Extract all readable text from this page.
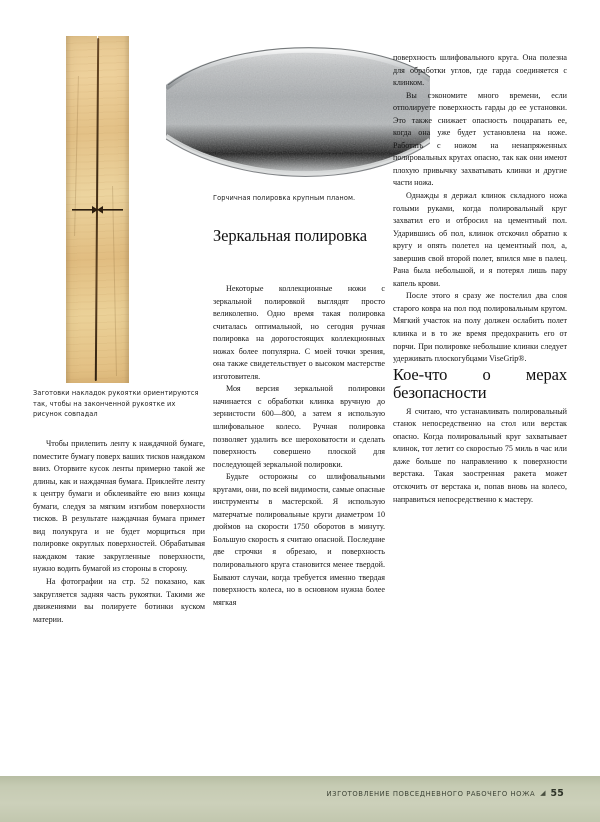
Заготовки накладок рукоятки ориентируются так, чтобы на законченной рукоятке их рисунок совпадал
Горчичная полировка крупным планом.
Зеркальная полировка

Чтобы прилепить ленту к наждачной бумаге, поместите бумагу поверх ваших тисков наждаком вниз. Оторвите кусок ленты примерно такой же длины, как и наждачная бумага. Приклейте ленту к центру бумаги и обклеивайте ею вниз концы бумаги, следуя за мягким изгибом поверхности тисков. В результате наждачная бумага примет вид полукруга и не будет морщиться при полировке округлых поверхностей. Обрабатывая наждаком такие закругленные поверхности, нужно водить бумагой из стороны в сторону.

На фотографии на стр. 52 показано, как закругляется задняя часть рукоятки. Такими же движениями вы полируете ботинки куском материи.

Некоторые коллекционные ножи с зеркальной полировкой выглядят просто великолепно. Одно время такая полировка считалась оптимальной, но сегодня ручная полировка на дорогостоящих коллекционных ножах более популярна. С моей точки зрения, она также свидетельствует о высоком мастерстве изготовителя.

Моя версия зеркальной полировки начинается с обработки клинка вручную до зернистости 600—800, а затем я использую шлифовальное колесо. Ручная полировка позволяет удалить все шероховатости и сделать поверхность совершено плоской для последующей зеркальной полировки.

Будьте осторожны со шлифовальными кругами, они, по всей видимости, самые опасные инструменты в мастерской. Я использую матерчатые полировальные круги диаметром 10 дюймов на скорости 1750 оборотов в минуту. Большую скорость я считаю опасной. Последние две строчки я обрезаю, и поверхность полировального круга становится менее твердой. Бывают случаи, когда требуется именно твердая поверхность колеса, но в основном нужна более мягкая

поверхность шлифовального круга. Она полезна для обработки углов, где гарда соединяется с клинком.

Вы сэкономите много времени, если отполируете поверхность гарды до ее установки. Это также снижает опасность поцарапать ее, когда она уже будет установлена на ноже. Работать с ножом на ненапряженных полировальных кругах опасно, так как они имеют плохую привычку захватывать клинки и другие части ножа.

Однажды я держал клинок складного ножа голыми руками, когда полировальный круг захватил его и отбросил на цементный пол. Ударившись об пол, клинок отскочил обратно к кругу и опять полетел на цементный пол, а, завершив свой второй полет, впился мне в палец. Рана была небольшой, и я потерял лишь пару капель крови.

После этого я сразу же постелил два слоя старого ковра на пол под полировальным кругом. Мягкий участок на полу должен ослабить полет клинка и в то же время предохранить его от порчи. При полировке небольшие клинки следует удерживать плоскогубцами ViseGrip®.

Кое-что о мерах безопасности

Я считаю, что устанавливать полировальный станок непосредственно на стол или верстак опасно. Когда полировальный круг захватывает клинок, тот летит со скоростью 75 миль в час или даже больше по направлению к поверхности верстака. Такая заостренная ракета может отскочить от верстака и, попав вновь на колесо, направиться непосредственно к мастеру.

ИЗГОТОВЛЕНИЕ ПОВСЕДНЕВНОГО РАБОЧЕГО НОЖА ◢ 55
